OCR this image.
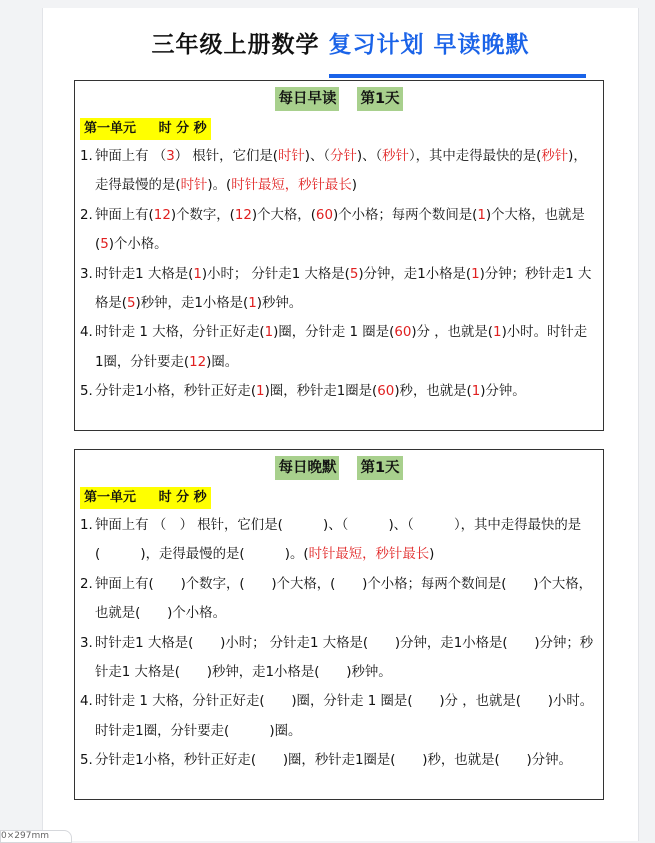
三年级上册数学 复习计划 早读晚默
每日早读 第1天
第一单元     时 分 秒
1. 钟面上有 （3） 根针，它们是(时针)、（分针)、（秒针），其中走得最快的是(秒针)，走得最慢的是(时针)。(时针最短，秒针最长)
2. 钟面上有(12)个数字，(12)个大格，(60)个小格；每两个数间是(1)个大格，也就是(5)个小格。
3. 时针走1 大格是(1)小时； 分针走1 大格是(5)分钟，走1小格是(1)分钟；秒针走1 大格是(5)秒钟，走1小格是(1)秒钟。
4. 时针走 1 大格，分针正好走(1)圈，分针走 1 圈是(60)分 ，也就是(1)小时。时针走1圈，分针要走(12)圈。
5. 分针走1小格，秒针正好走(1)圈，秒针走1圈是(60)秒，也就是(1)分钟。
每日晚默 第1天
第一单元     时 分 秒
1. 钟面上有 （　） 根针，它们是(　　　)、（　　　)、（　　　），其中走得最快的是(　　　)，走得最慢的是(　　　)。(时针最短，秒针最长)
2. 钟面上有(　　)个数字，(　　)个大格，(　　)个小格；每两个数间是(　　)个大格，也就是(　　)个小格。
3. 时针走1 大格是(　　)小时； 分针走1 大格是(　　)分钟，走1小格是(　　)分钟；秒针走1 大格是(　　)秒钟，走1小格是(　　)秒钟。
4. 时针走 1 大格，分针正好走(　　)圈，分针走 1 圈是(　　)分 ，也就是(　　)小时。时针走1圈，分针要走(　　　)圈。
5. 分针走1小格，秒针正好走(　　)圈，秒针走1圈是(　　)秒，也就是(　　)分钟。
0×297mm
